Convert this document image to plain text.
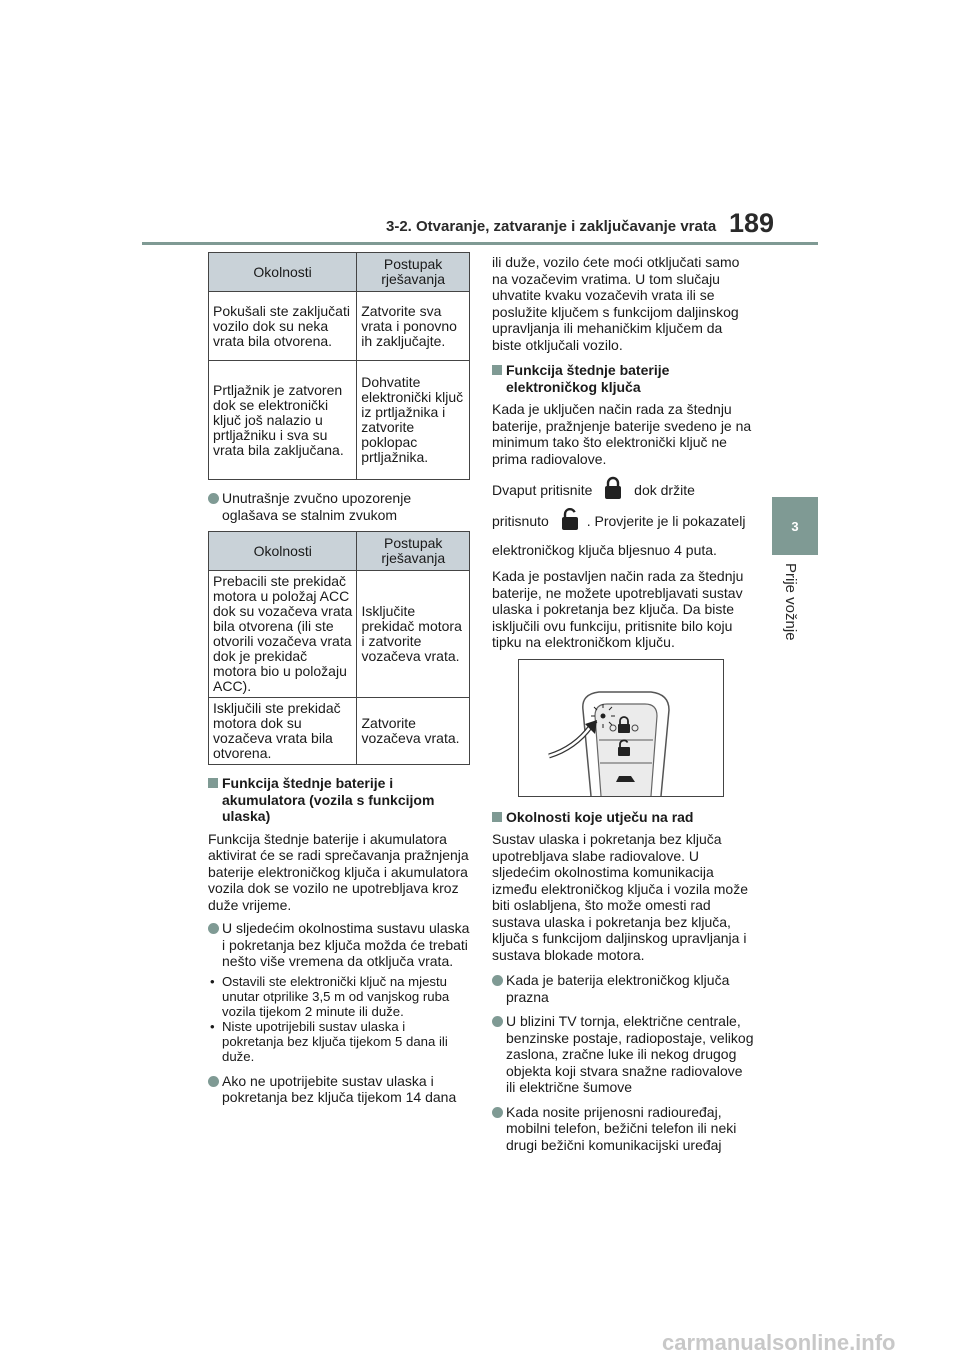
3-2. Otvaranje, zatvaranje i zaključavanje vrata 189
3
Prije vožnje
Okolnosti	Postupak rješavanja
Pokušali ste zaključati vozilo dok su neka vrata bila otvorena.	Zatvorite sva vrata i ponovno ih zaključajte.
Prtljažnik je zatvoren dok se elektronički ključ još nalazio u prtljažniku i sva su vrata bila zaključana.	Dohvatite elektronički ključ iz prtljažnika i zatvorite poklopac prtljažnika.
Unutrašnje zvučno upozorenje oglašava se stalnim zvukom
Okolnosti	Postupak rješavanja
Prebacili ste prekidač motora u položaj ACC dok su vozačeva vrata bila otvorena (ili ste otvorili vozačeva vrata dok je prekidač motora bio u položaju ACC).	Isključite prekidač motora i zatvorite vozačeva vrata.
Isključili ste prekidač motora dok su vozačeva vrata bila otvorena.	Zatvorite vozačeva vrata.
Funkcija štednje baterije i akumulatora (vozila s funkcijom ulaska)
Funkcija štednje baterije i akumulatora aktivirat će se radi sprečavanja pražnjenja baterije elektroničkog ključa i akumulatora vozila dok se vozilo ne upotrebljava kroz duže vrijeme.
U sljedećim okolnostima sustavu ulaska i pokretanja bez ključa možda će trebati nešto više vremena da otključa vrata.
• Ostavili ste elektronički ključ na mjestu unutar otprilike 3,5 m od vanjskog ruba vozila tijekom 2 minute ili duže.
• Niste upotrijebili sustav ulaska i pokretanja bez ključa tijekom 5 dana ili duže.
Ako ne upotrijebite sustav ulaska i pokretanja bez ključa tijekom 14 dana
ili duže, vozilo ćete moći otključati samo na vozačevim vratima. U tom slučaju uhvatite kvaku vozačevih vrata ili se poslužite ključem s funkcijom daljinskog upravljanja ili mehaničkim ključem da biste otključali vozilo.
Funkcija štednje baterije elektroničkog ključa
Kada je uključen način rada za štednju baterije, pražnjenje baterije svedeno je na minimum tako što elektronički ključ ne prima radiovalove.
Dvaput pritisnite	dok držite
pritisnuto	. Provjerite je li pokazatelj elektroničkog ključa bljesnuo 4 puta.
Kada je postavljen način rada za štednju baterije, ne možete upotrebljavati sustav ulaska i pokretanja bez ključa. Da biste isključili ovu funkciju, pritisnite bilo koju tipku na elektroničkom ključu.
Okolnosti koje utječu na rad
Sustav ulaska i pokretanja bez ključa upotrebljava slabe radiovalove. U sljedećim okolnostima komunikacija između elektroničkog ključa i vozila može biti oslabljena, što može omesti rad sustava ulaska i pokretanja bez ključa, ključa s funkcijom daljinskog upravljanja i sustava blokade motora.
Kada je baterija elektroničkog ključa prazna
U blizini TV tornja, električne centrale, benzinske postaje, radiopostaje, velikog zaslona, zračne luke ili nekog drugog objekta koji stvara snažne radiovalove ili električne šumove
Kada nosite prijenosni radiouređaj, mobilni telefon, bežični telefon ili neki drugi bežični komunikacijski uređaj
carmanualsonline.info
